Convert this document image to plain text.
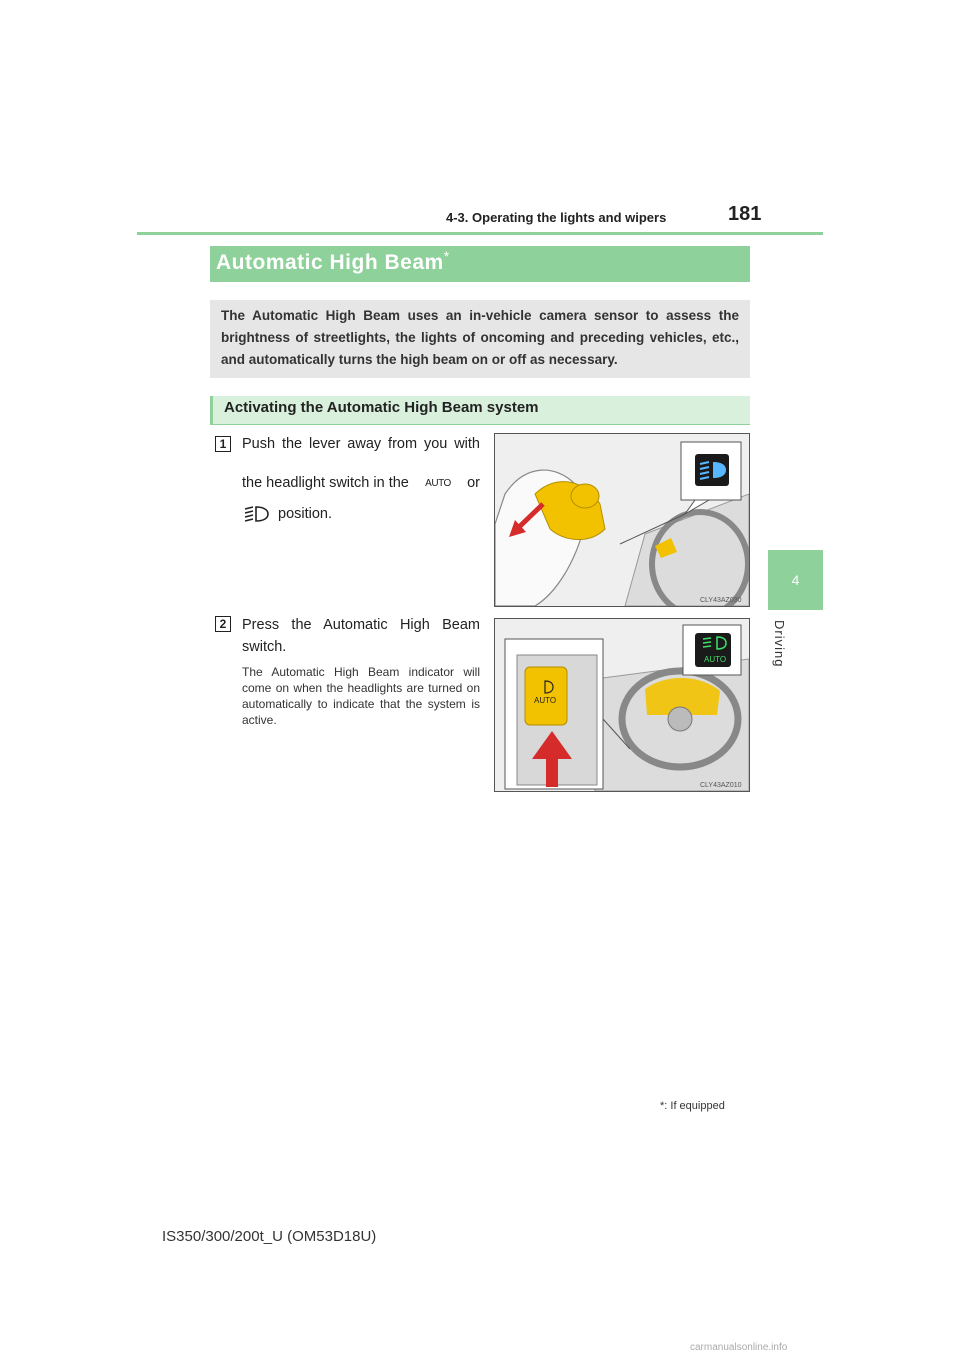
4-3. Operating the lights and wipers	181
4
Driving
Automatic High Beam*
The Automatic High Beam uses an in-vehicle camera sensor to assess the brightness of streetlights, the lights of oncoming and preceding vehicles, etc., and automatically turns the high beam on or off as necessary.
Activating the Automatic High Beam system
1	Push the lever away from you with
the headlight switch in the AUTO or
position.
CLY43AZ030
2	Press the Automatic High Beam switch.
The Automatic High Beam indicator will come on when the headlights are turned on automatically to indicate that the system is active.
AUTO
AUTO
CLY43AZ010
*: If equipped
IS350/300/200t_U (OM53D18U)
carmanualsonline.info
